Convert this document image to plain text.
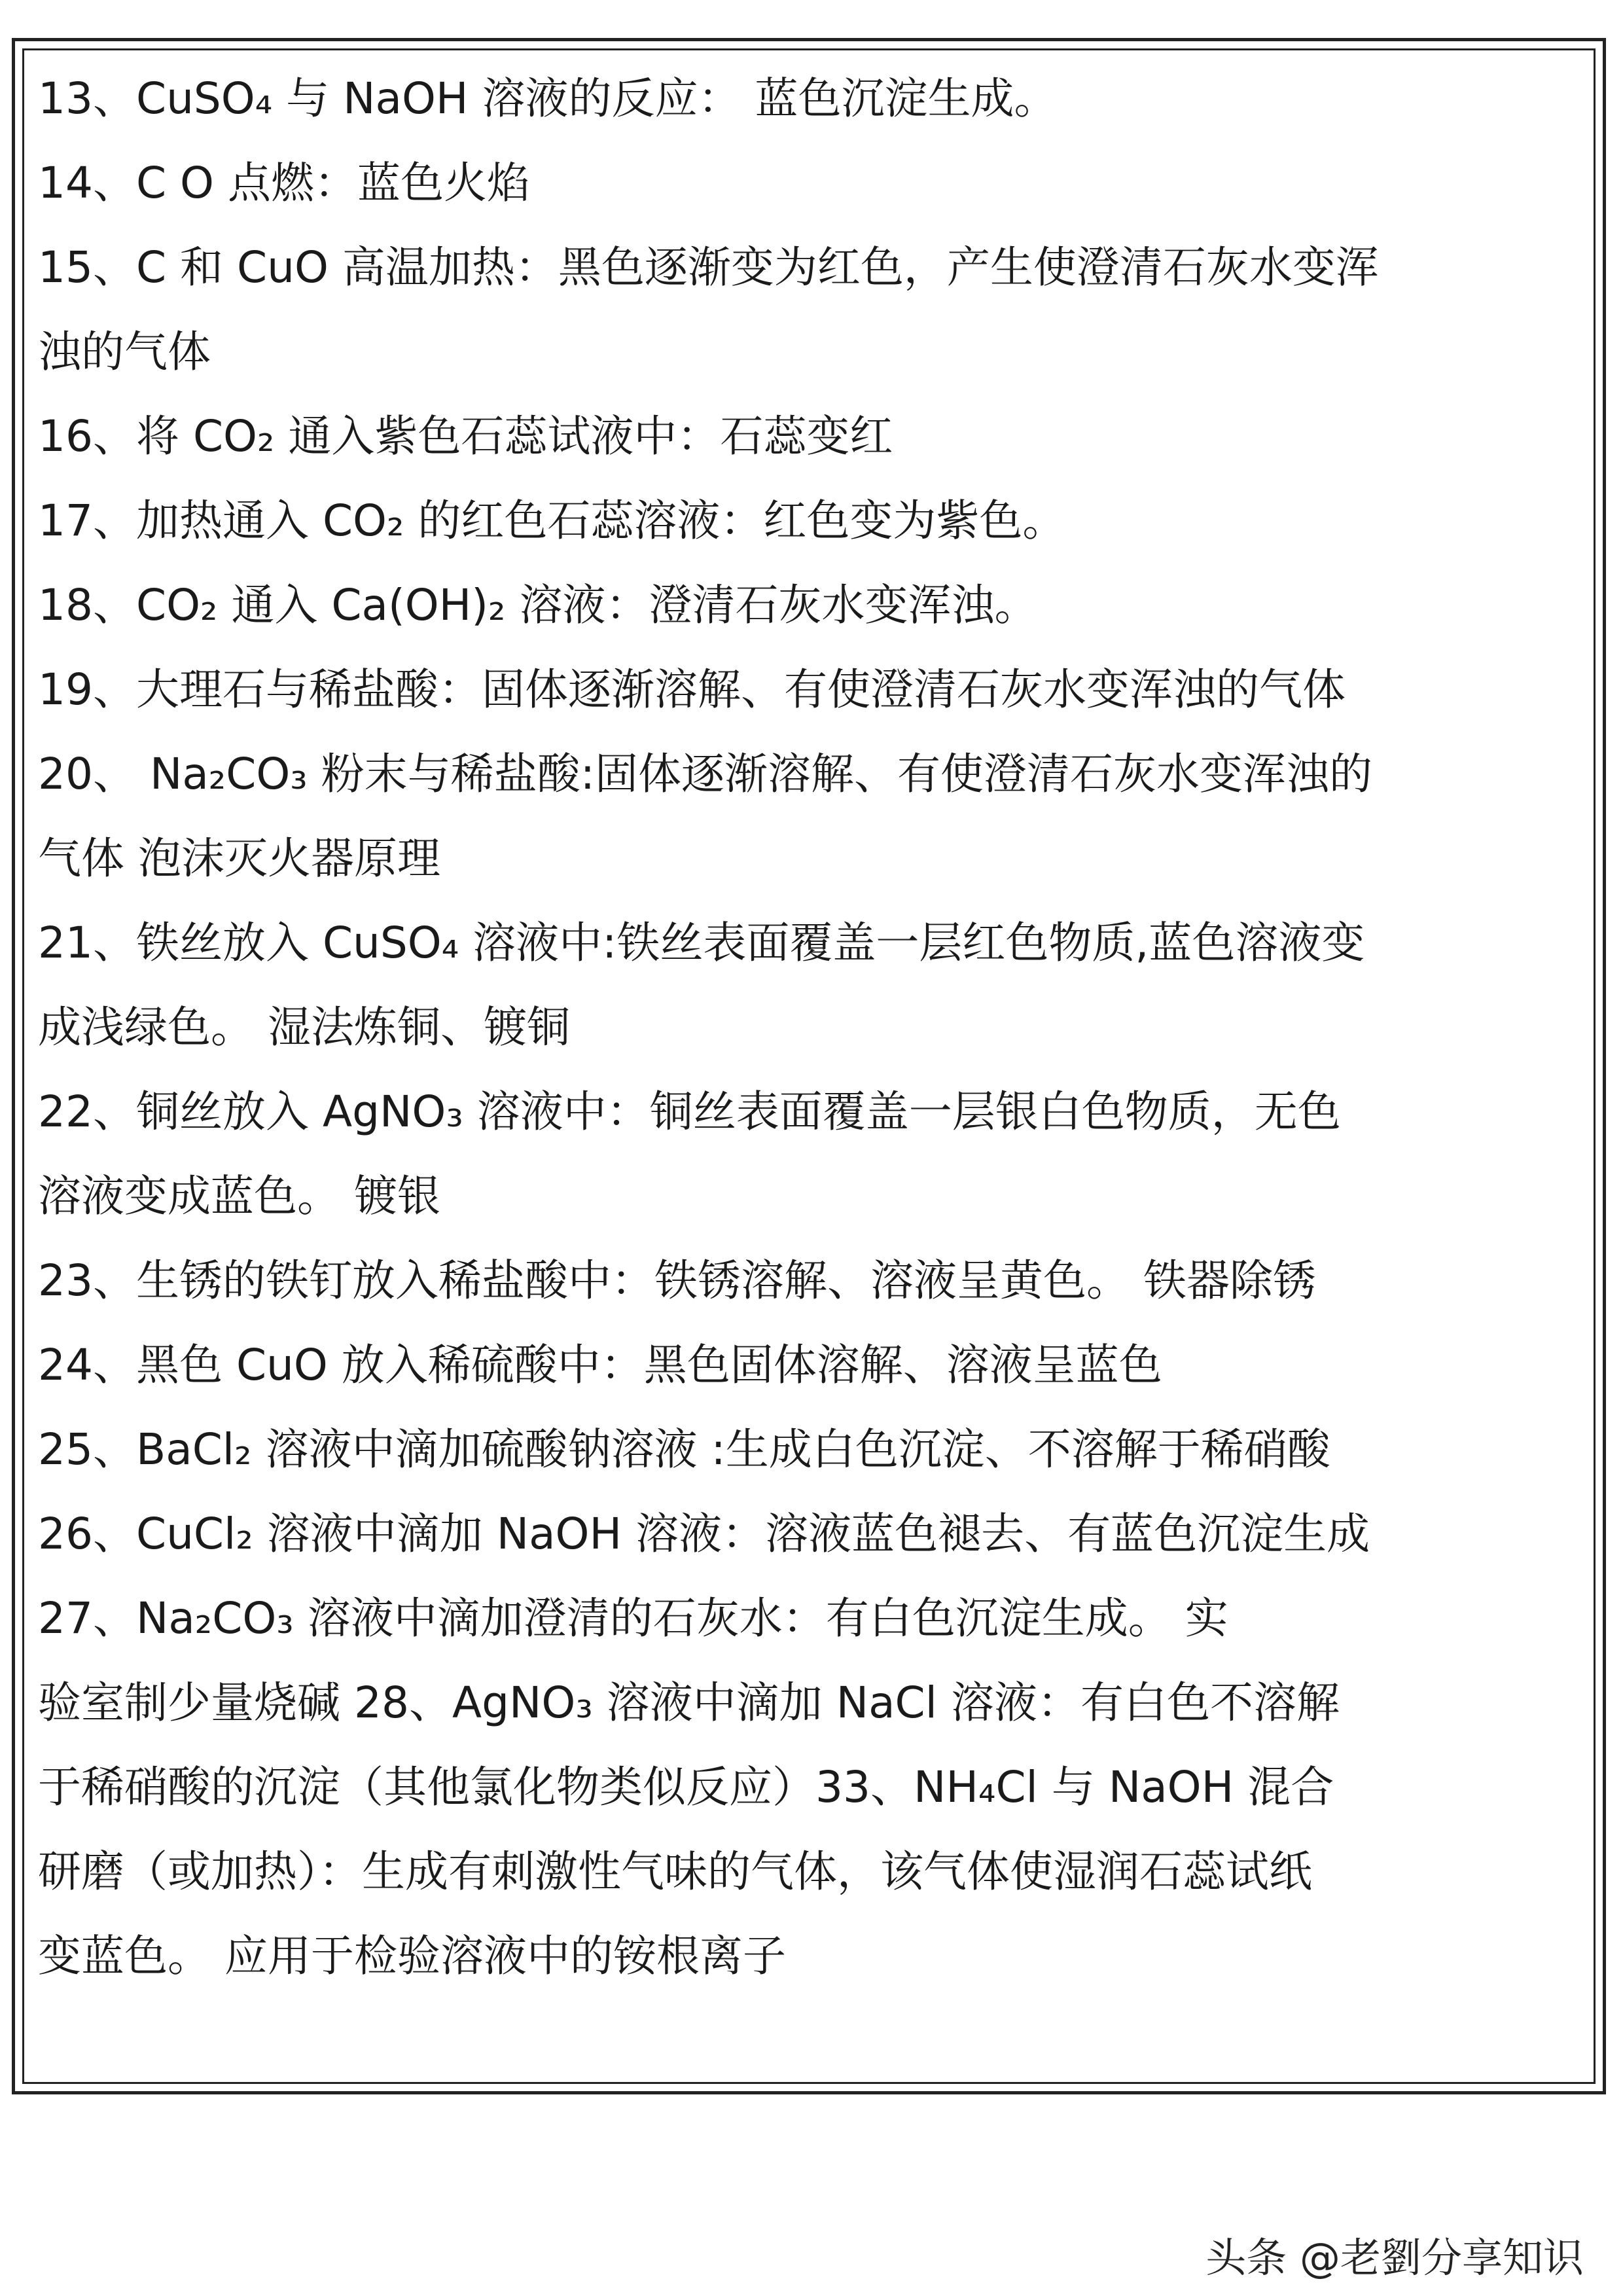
13、CuSO₄ 与 NaOH 溶液的反应： 蓝色沉淀生成。
14、C O 点燃：蓝色火焰
15、C 和 CuO 高温加热：黑色逐渐变为红色，产生使澄清石灰水变浑
浊的气体
16、将 CO₂ 通入紫色石蕊试液中：石蕊变红
17、加热通入 CO₂ 的红色石蕊溶液：红色变为紫色。
18、CO₂ 通入 Ca(OH)₂ 溶液：澄清石灰水变浑浊。
19、大理石与稀盐酸：固体逐渐溶解、有使澄清石灰水变浑浊的气体
20、 Na₂CO₃ 粉末与稀盐酸:固体逐渐溶解、有使澄清石灰水变浑浊的
气体 泡沫灭火器原理
21、铁丝放入 CuSO₄ 溶液中:铁丝表面覆盖一层红色物质,蓝色溶液变
成浅绿色。 湿法炼铜、镀铜
22、铜丝放入 AgNO₃ 溶液中：铜丝表面覆盖一层银白色物质，无色
溶液变成蓝色。 镀银
23、生锈的铁钉放入稀盐酸中：铁锈溶解、溶液呈黄色。 铁器除锈
24、黑色 CuO 放入稀硫酸中：黑色固体溶解、溶液呈蓝色
25、BaCl₂ 溶液中滴加硫酸钠溶液 :生成白色沉淀、不溶解于稀硝酸
26、CuCl₂ 溶液中滴加 NaOH 溶液：溶液蓝色褪去、有蓝色沉淀生成
27、Na₂CO₃ 溶液中滴加澄清的石灰水：有白色沉淀生成。 实
验室制少量烧碱 28、AgNO₃ 溶液中滴加 NaCl 溶液：有白色不溶解
于稀硝酸的沉淀（其他氯化物类似反应）33、NH₄Cl 与 NaOH 混合
研磨（或加热）：生成有刺激性气味的气体，该气体使湿润石蕊试纸
变蓝色。 应用于检验溶液中的铵根离子
头条 @老劉分享知识
